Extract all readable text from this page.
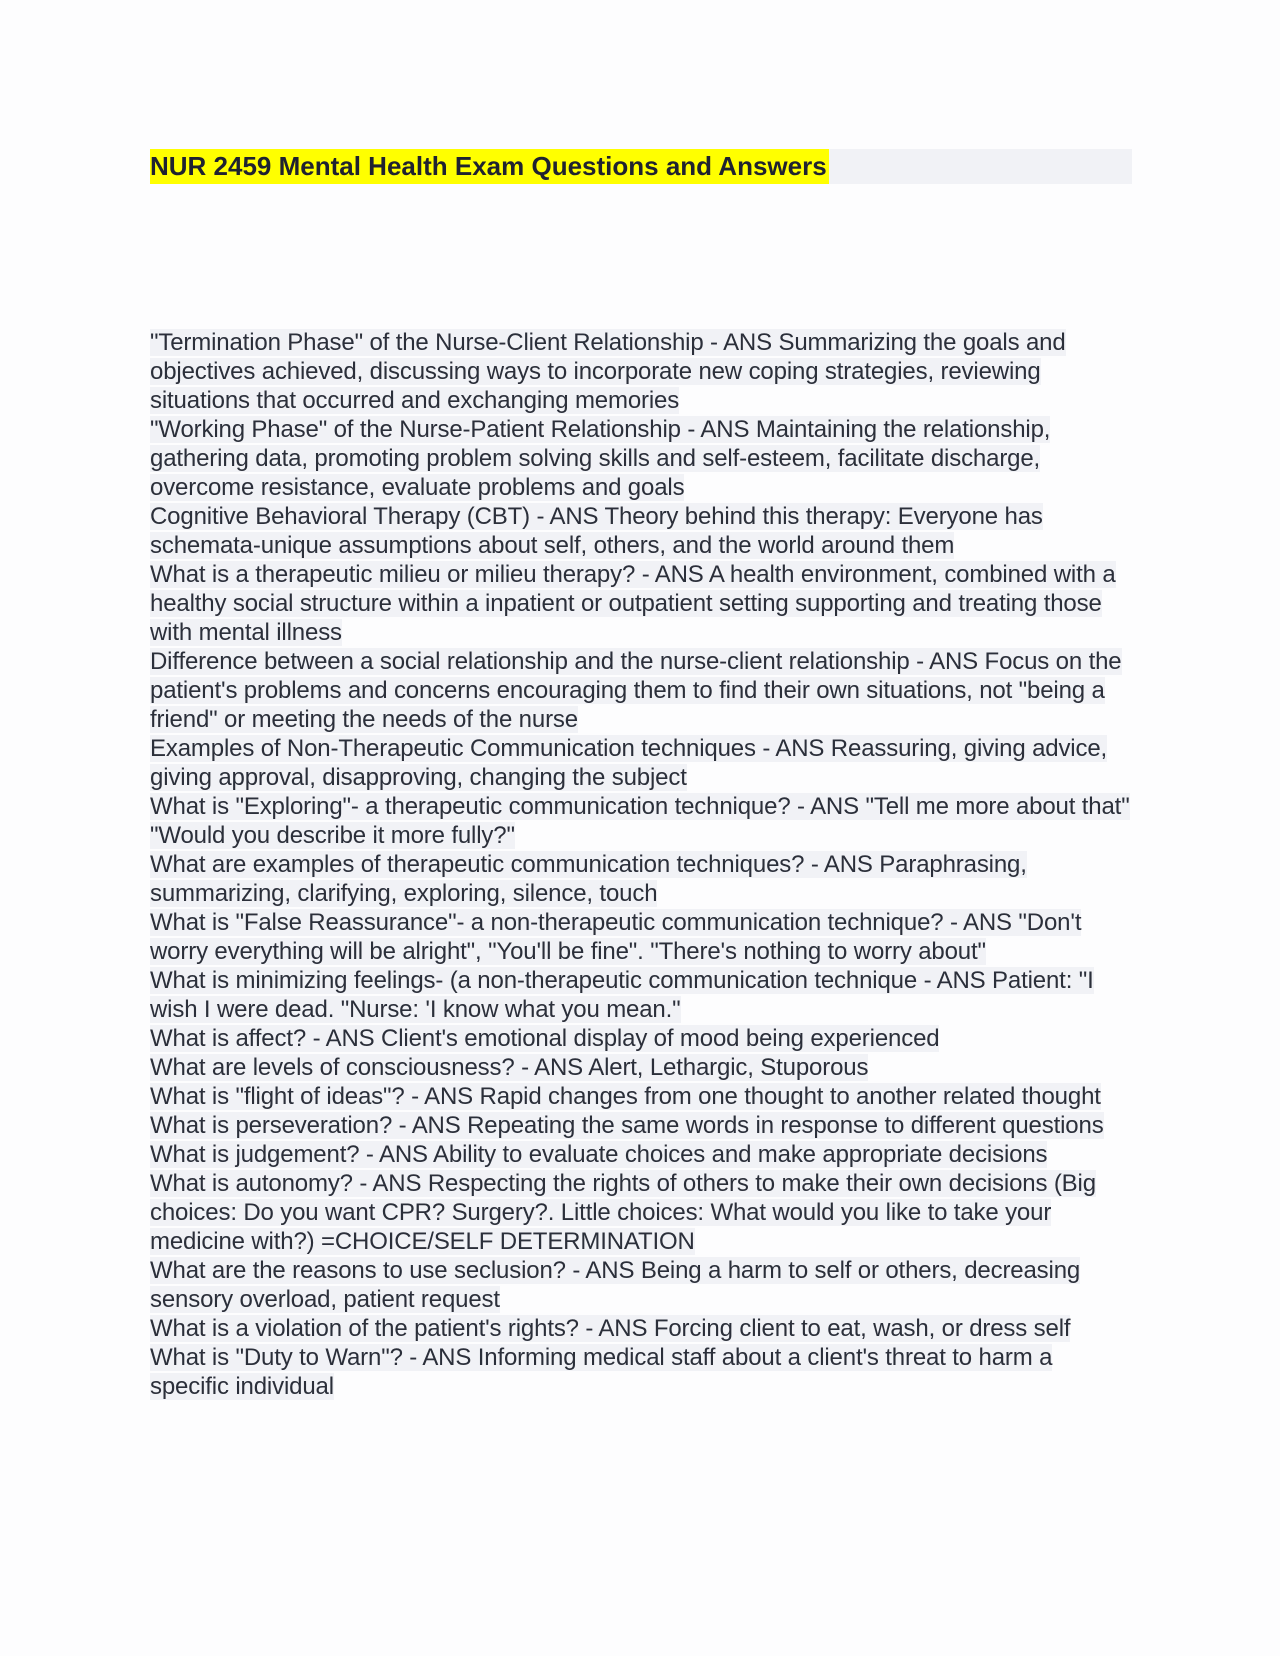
NUR 2459 Mental Health Exam Questions and Answers

"Termination Phase" of the Nurse-Client Relationship - ANS Summarizing the goals and objectives achieved, discussing ways to incorporate new coping strategies, reviewing situations that occurred and exchanging memories

"Working Phase" of the Nurse-Patient Relationship - ANS Maintaining the relationship, gathering data, promoting problem solving skills and self-esteem, facilitate discharge, overcome resistance, evaluate problems and goals

Cognitive Behavioral Therapy (CBT) - ANS Theory behind this therapy: Everyone has schemata-unique assumptions about self, others, and the world around them

What is a therapeutic milieu or milieu therapy? - ANS A health environment, combined with a healthy social structure within a inpatient or outpatient setting supporting and treating those with mental illness

Difference between a social relationship and the nurse-client relationship - ANS Focus on the patient's problems and concerns encouraging them to find their own situations, not "being a friend" or meeting the needs of the nurse

Examples of Non-Therapeutic Communication techniques - ANS Reassuring, giving advice, giving approval, disapproving, changing the subject

What is "Exploring"- a therapeutic communication technique? - ANS "Tell me more about that"

"Would you describe it more fully?"

What are examples of therapeutic communication techniques? - ANS Paraphrasing, summarizing, clarifying, exploring, silence, touch

What is "False Reassurance"- a non-therapeutic communication technique? - ANS "Don't worry everything will be alright", "You'll be fine". "There's nothing to worry about"

What is minimizing feelings- (a non-therapeutic communication technique - ANS Patient: "I wish I were dead. "Nurse: 'I know what you mean."

What is affect? - ANS Client's emotional display of mood being experienced

What are levels of consciousness? - ANS Alert, Lethargic, Stuporous

What is "flight of ideas"? - ANS Rapid changes from one thought to another related thought

What is perseveration? - ANS Repeating the same words in response to different questions

What is judgement? - ANS Ability to evaluate choices and make appropriate decisions

What is autonomy? - ANS Respecting the rights of others to make their own decisions (Big choices: Do you want CPR? Surgery?. Little choices: What would you like to take your medicine with?) =CHOICE/SELF DETERMINATION

What are the reasons to use seclusion? - ANS Being a harm to self or others, decreasing sensory overload, patient request

What is a violation of the patient's rights? - ANS Forcing client to eat, wash, or dress self

What is "Duty to Warn"? - ANS Informing medical staff about a client's threat to harm a specific individual
